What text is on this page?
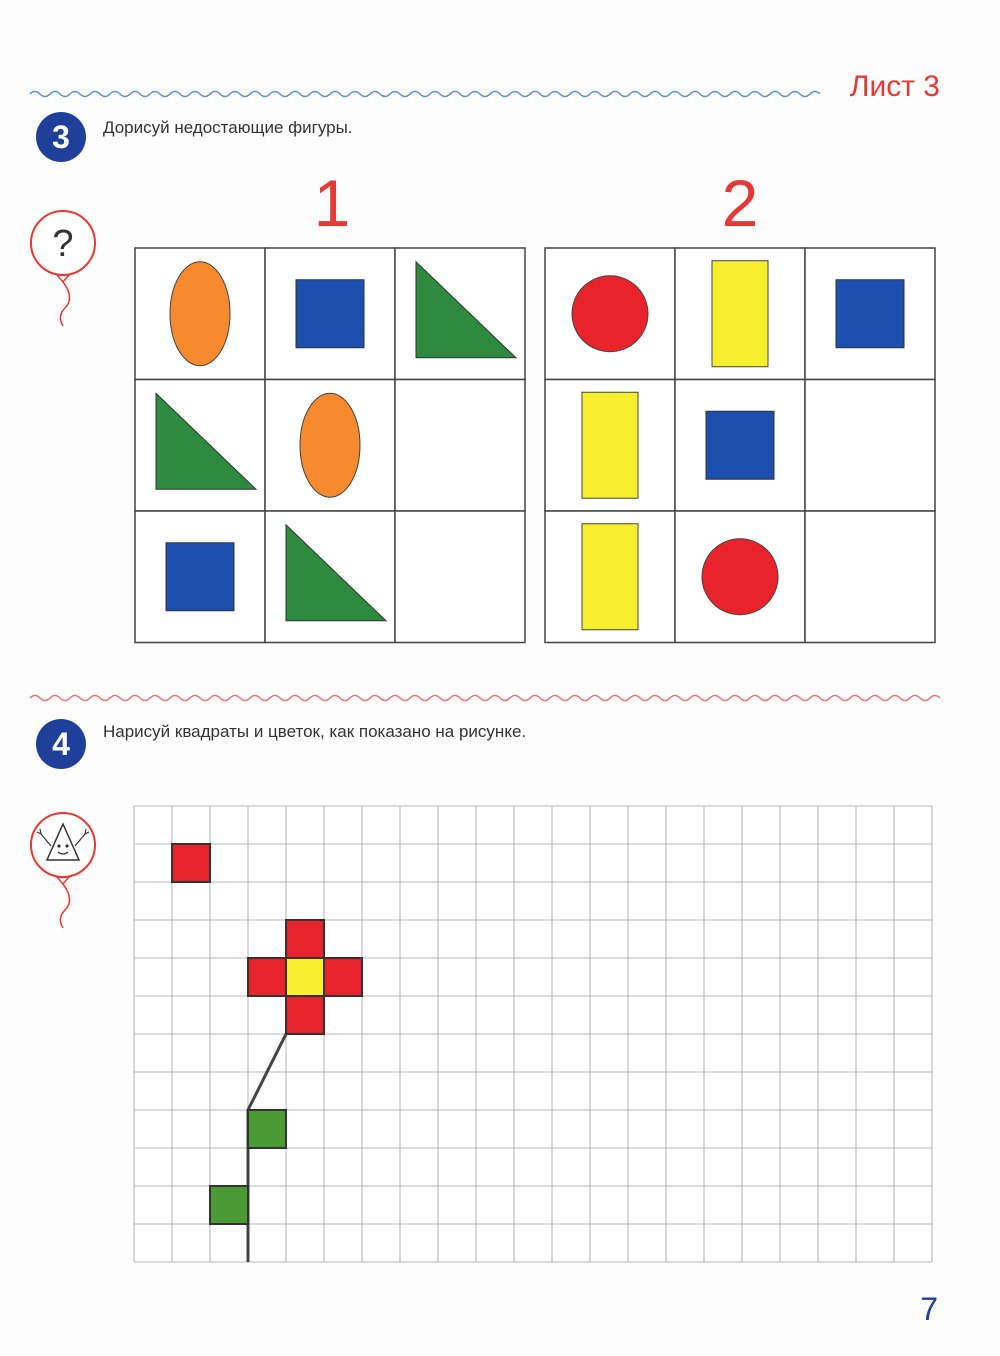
Лист 3
3	Дорисуй недостающие фигуры.
?
1	2
4	Нарисуй квадраты и цветок, как показано на рисунке.
7
